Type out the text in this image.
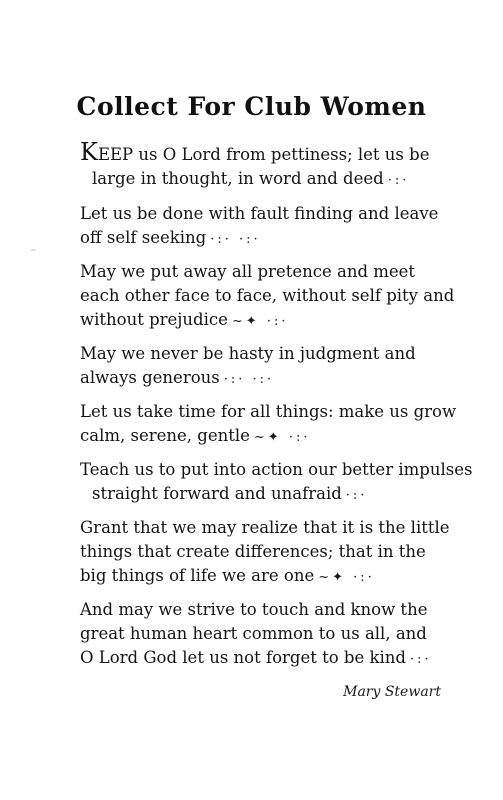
Collect For Club Women
KEEP us O Lord from pettiness; let us be
large in thought, in word and deed ·:·
Let us be done with fault finding and leave
off self seeking ·:· ·:·
May we put away all pretence and meet
each other face to face, without self pity and
without prejudice ~✦ ·:·
May we never be hasty in judgment and
always generous ·:· ·:·
Let us take time for all things: make us grow
calm, serene, gentle ~✦ ·:·
Teach us to put into action our better impulses
straight forward and unafraid ·:·
Grant that we may realize that it is the little
things that create differences; that in the
big things of life we are one ~✦ ·:·
And may we strive to touch and know the
great human heart common to us all, and
O Lord God let us not forget to be kind ·:·
Mary Stewart
